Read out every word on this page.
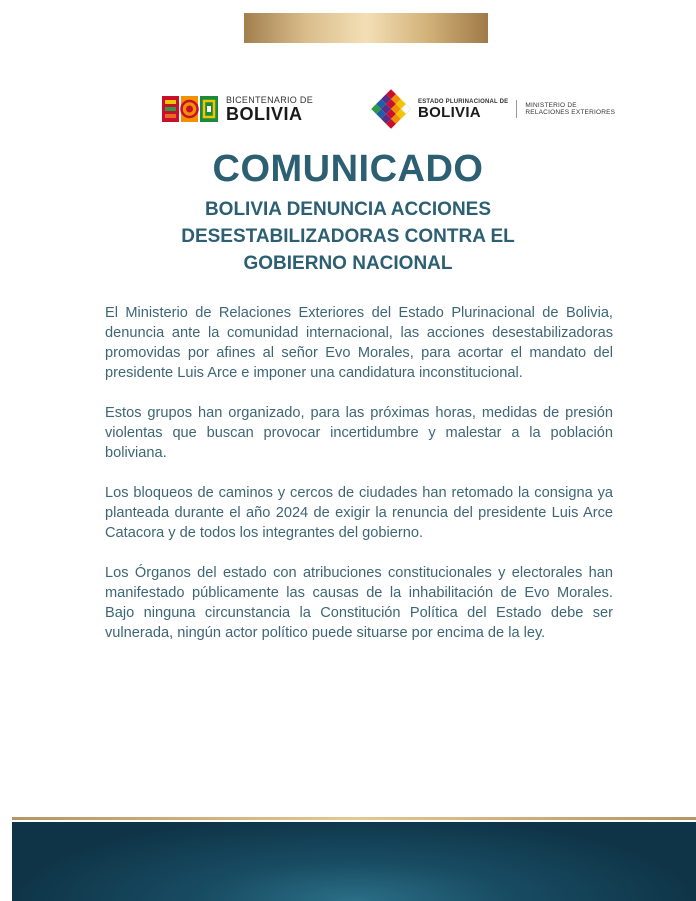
BICENTENARIO DE
BOLIVIA
ESTADO PLURINACIONAL DE
BOLIVIA	MINISTERIO DE
RELACIONES EXTERIORES
COMUNICADO
BOLIVIA DENUNCIA ACCIONES DESESTABILIZADORAS CONTRA EL GOBIERNO NACIONAL

El Ministerio de Relaciones Exteriores del Estado Plurinacional de Bolivia, denuncia ante la comunidad internacional, las acciones desestabilizadoras promovidas por afines al señor Evo Morales, para acortar el mandato del presidente Luis Arce e imponer una candidatura inconstitucional.

Estos grupos han organizado, para las próximas horas, medidas de presión violentas que buscan provocar incertidumbre y malestar a la población boliviana.

Los bloqueos de caminos y cercos de ciudades han retomado la consigna ya planteada durante el año 2024 de exigir la renuncia del presidente Luis Arce Catacora y de todos los integrantes del gobierno.

Los Órganos del estado con atribuciones constitucionales y electorales han manifestado públicamente las causas de la inhabilitación de Evo Morales. Bajo ninguna circunstancia la Constitución Política del Estado debe ser vulnerada, ningún actor político puede situarse por encima de la ley.
